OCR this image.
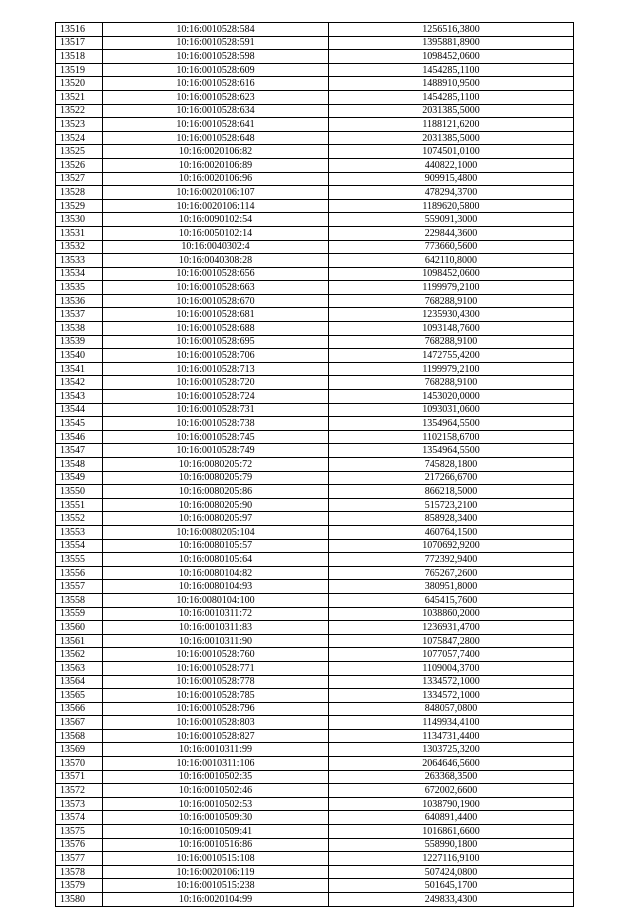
13516	10:16:0010528:584	1256516,3800
13517	10:16:0010528:591	1395881,8900
13518	10:16:0010528:598	1098452,0600
13519	10:16:0010528:609	1454285,1100
13520	10:16:0010528:616	1488910,9500
13521	10:16:0010528:623	1454285,1100
13522	10:16:0010528:634	2031385,5000
13523	10:16:0010528:641	1188121,6200
13524	10:16:0010528:648	2031385,5000
13525	10:16:0020106:82	1074501,0100
13526	10:16:0020106:89	440822,1000
13527	10:16:0020106:96	909915,4800
13528	10:16:0020106:107	478294,3700
13529	10:16:0020106:114	1189620,5800
13530	10:16:0090102:54	559091,3000
13531	10:16:0050102:14	229844,3600
13532	10:16:0040302:4	773660,5600
13533	10:16:0040308:28	642110,8000
13534	10:16:0010528:656	1098452,0600
13535	10:16:0010528:663	1199979,2100
13536	10:16:0010528:670	768288,9100
13537	10:16:0010528:681	1235930,4300
13538	10:16:0010528:688	1093148,7600
13539	10:16:0010528:695	768288,9100
13540	10:16:0010528:706	1472755,4200
13541	10:16:0010528:713	1199979,2100
13542	10:16:0010528:720	768288,9100
13543	10:16:0010528:724	1453020,0000
13544	10:16:0010528:731	1093031,0600
13545	10:16:0010528:738	1354964,5500
13546	10:16:0010528:745	1102158,6700
13547	10:16:0010528:749	1354964,5500
13548	10:16:0080205:72	745828,1800
13549	10:16:0080205:79	217266,6700
13550	10:16:0080205:86	866218,5000
13551	10:16:0080205:90	515723,2100
13552	10:16:0080205:97	858928,3400
13553	10:16:0080205:104	460764,1500
13554	10:16:0080105:57	1070692,9200
13555	10:16:0080105:64	772392,9400
13556	10:16:0080104:82	765267,2600
13557	10:16:0080104:93	380951,8000
13558	10:16:0080104:100	645415,7600
13559	10:16:0010311:72	1038860,2000
13560	10:16:0010311:83	1236931,4700
13561	10:16:0010311:90	1075847,2800
13562	10:16:0010528:760	1077057,7400
13563	10:16:0010528:771	1109004,3700
13564	10:16:0010528:778	1334572,1000
13565	10:16:0010528:785	1334572,1000
13566	10:16:0010528:796	848057,0800
13567	10:16:0010528:803	1149934,4100
13568	10:16:0010528:827	1134731,4400
13569	10:16:0010311:99	1303725,3200
13570	10:16:0010311:106	2064646,5600
13571	10:16:0010502:35	263368,3500
13572	10:16:0010502:46	672002,6600
13573	10:16:0010502:53	1038790,1900
13574	10:16:0010509:30	640891,4400
13575	10:16:0010509:41	1016861,6600
13576	10:16:0010516:86	558990,1800
13577	10:16:0010515:108	1227116,9100
13578	10:16:0020106:119	507424,0800
13579	10:16:0010515:238	501645,1700
13580	10:16:0020104:99	249833,4300
